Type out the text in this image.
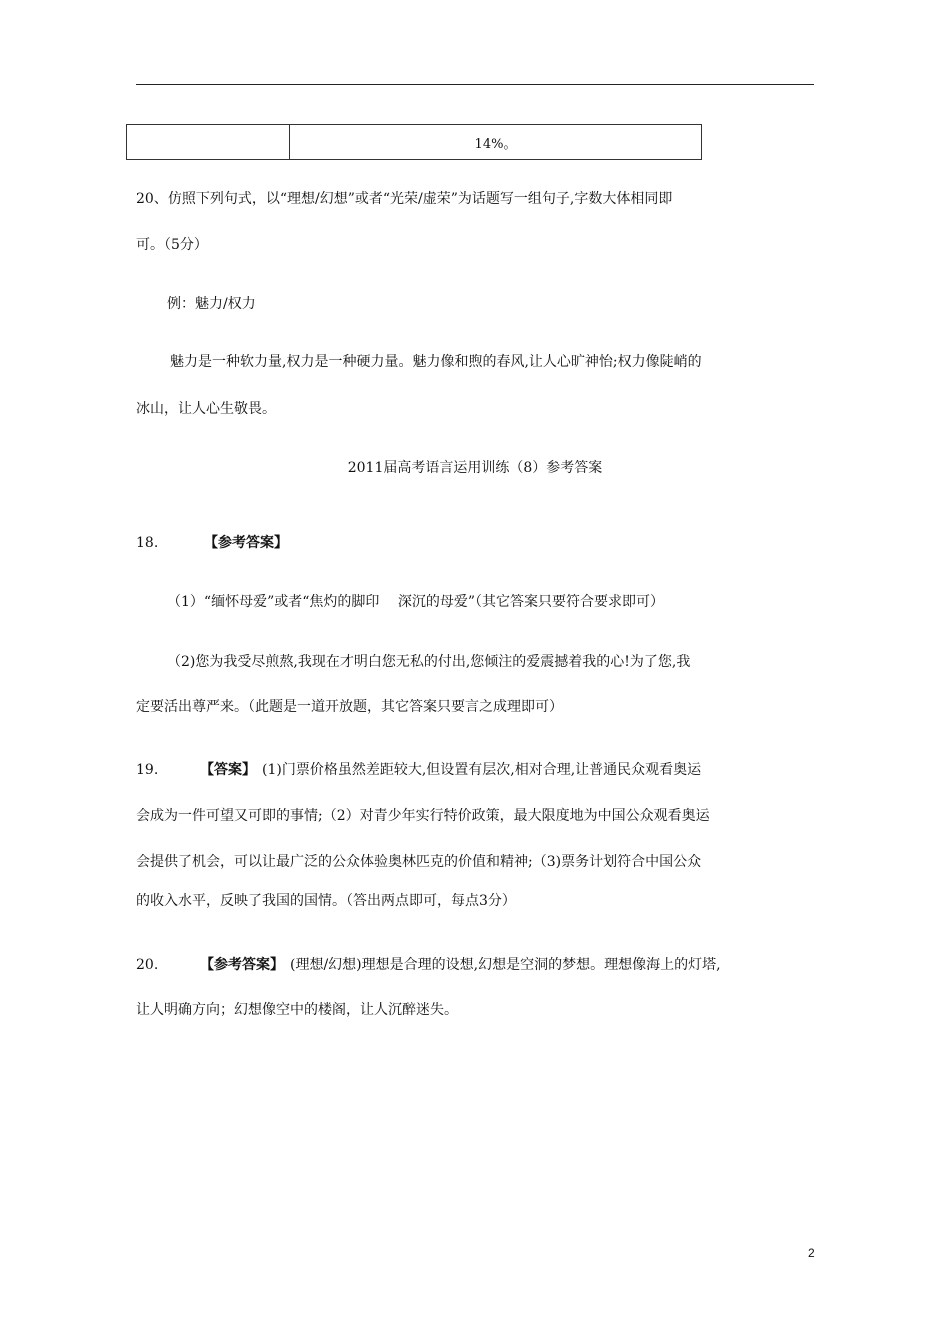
	14%。
20、仿照下列句式，以“理想/幻想”或者“光荣/虚荣”为话题写一组句子,字数大体相同即
可。（5分）
例：魅力/权力
魅力是一种软力量,权力是一种硬力量。魅力像和煦的春风,让人心旷神怡;权力像陡峭的
冰山，让人心生敬畏。
2011届高考语言运用训练（8）参考答案
18.	【参考答案】
（1）“缅怀母爱”或者“焦灼的脚印　 深沉的母爱”（其它答案只要符合要求即可）
（2)您为我受尽煎熬,我现在才明白您无私的付出,您倾注的爱震撼着我的心!为了您,我
定要活出尊严来。（此题是一道开放题，其它答案只要言之成理即可）
19.	【答案】 (1)门票价格虽然差距较大,但设置有层次,相对合理,让普通民众观看奥运
会成为一件可望又可即的事情;（2）对青少年实行特价政策，最大限度地为中国公众观看奥运
会提供了机会，可以让最广泛的公众体验奥林匹克的价值和精神;（3)票务计划符合中国公众
的收入水平，反映了我国的国情。（答出两点即可，每点3分）
20.	【参考答案】 (理想/幻想)理想是合理的设想,幻想是空洞的梦想。理想像海上的灯塔,
让人明确方向；幻想像空中的楼阁，让人沉醉迷失。
2
